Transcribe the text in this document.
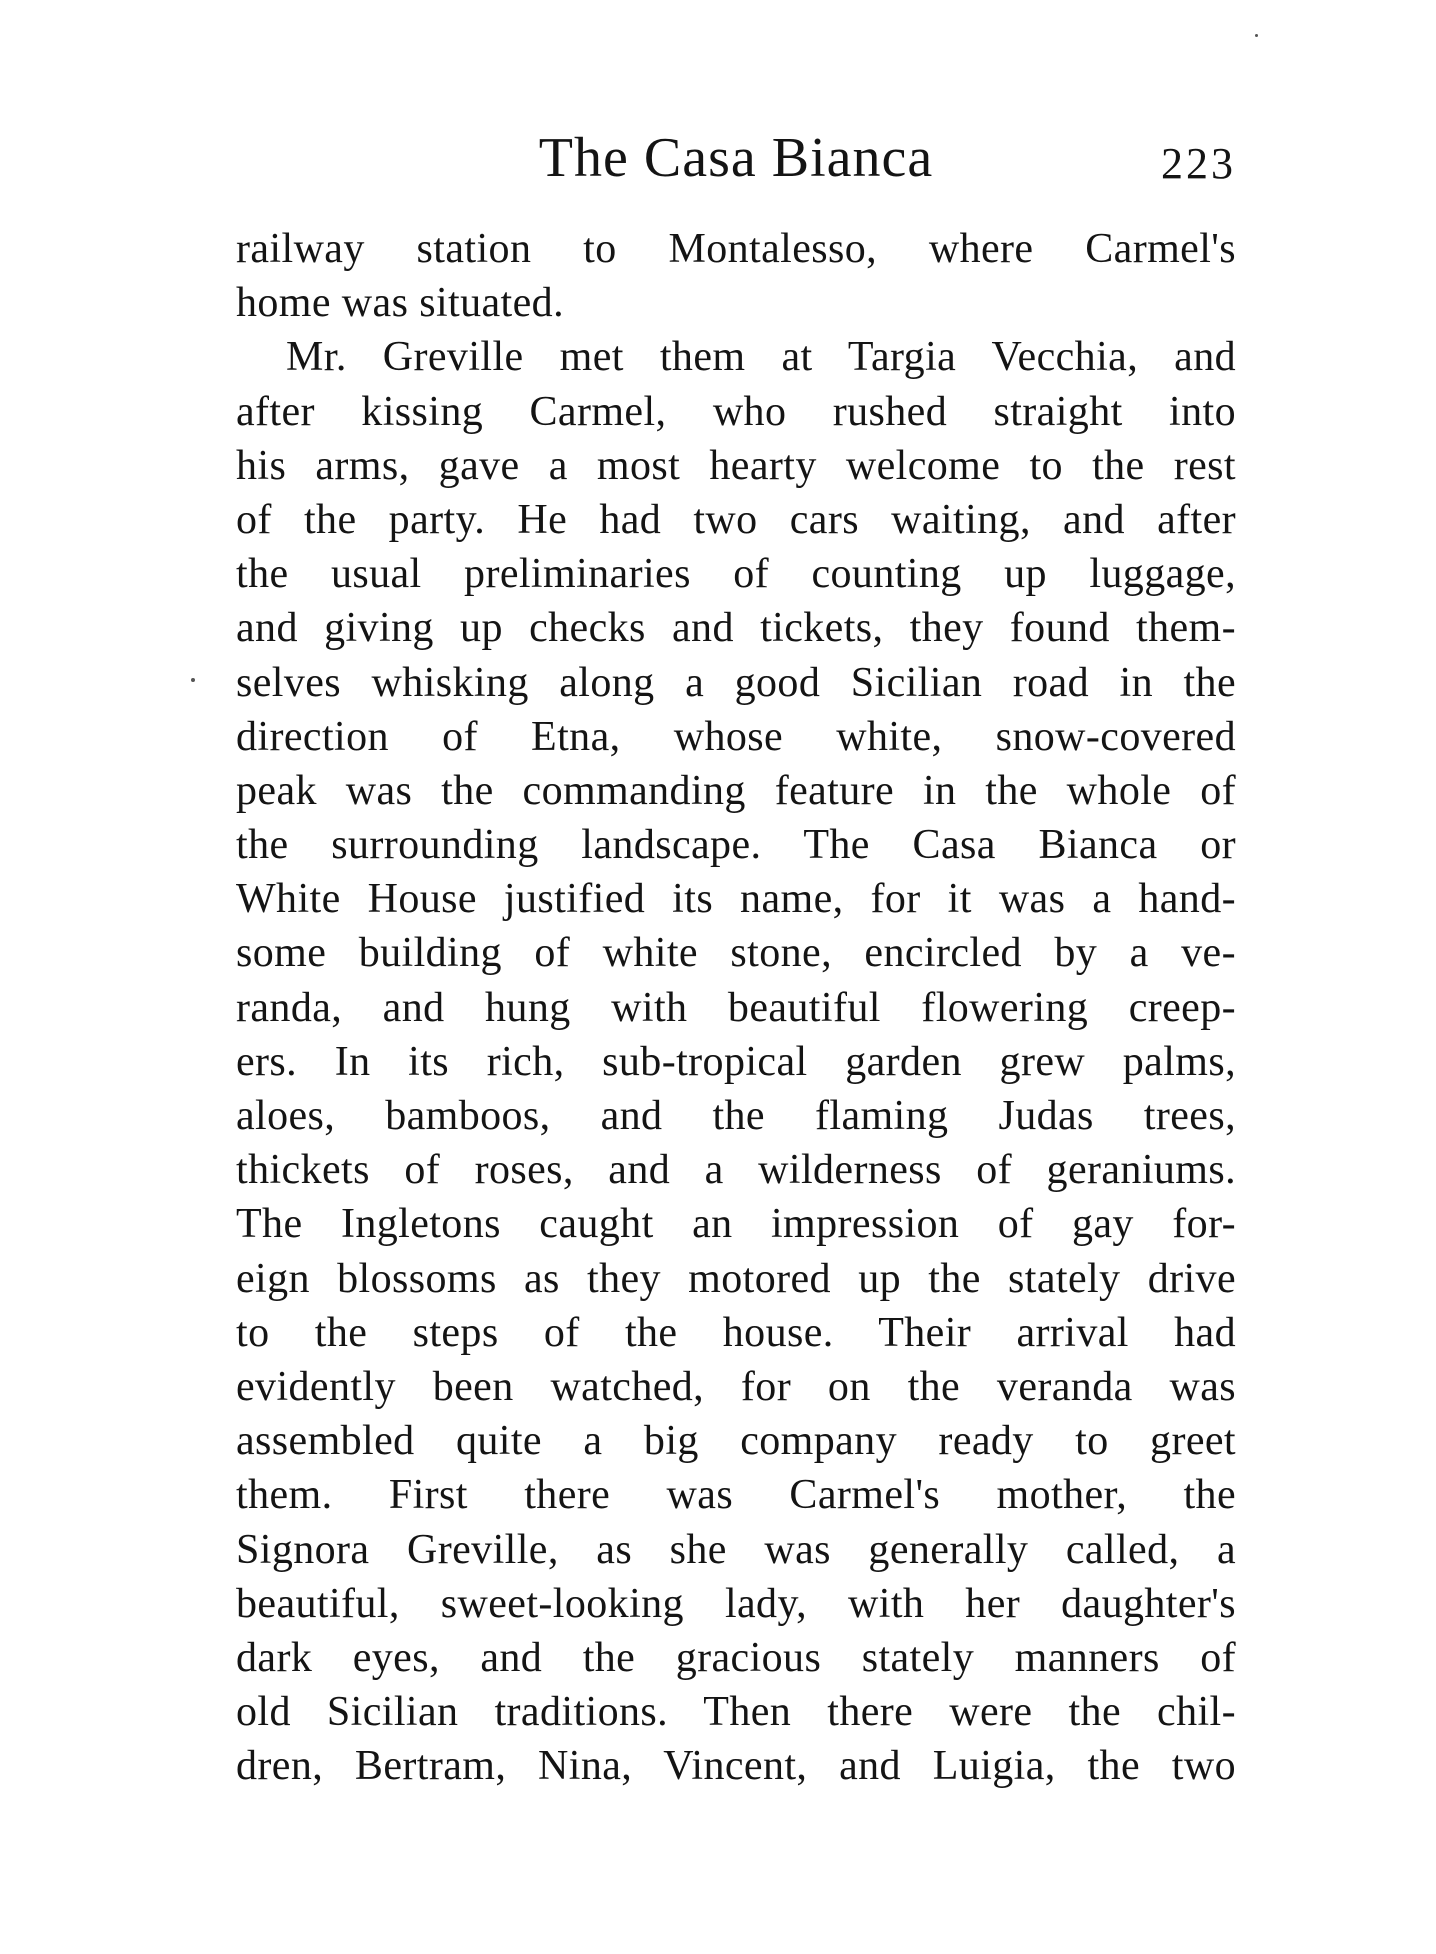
The Casa Bianca	223
railway station to Montalesso, where Carmel's
home was situated.
Mr. Greville met them at Targia Vecchia, and
after kissing Carmel, who rushed straight into
his arms, gave a most hearty welcome to the rest
of the party. He had two cars waiting, and after
the usual preliminaries of counting up luggage,
and giving up checks and tickets, they found them-
selves whisking along a good Sicilian road in the
direction of Etna, whose white, snow-covered
peak was the commanding feature in the whole of
the surrounding landscape. The Casa Bianca or
White House justified its name, for it was a hand-
some building of white stone, encircled by a ve-
randa, and hung with beautiful flowering creep-
ers. In its rich, sub-tropical garden grew palms,
aloes, bamboos, and the flaming Judas trees,
thickets of roses, and a wilderness of geraniums.
The Ingletons caught an impression of gay for-
eign blossoms as they motored up the stately drive
to the steps of the house. Their arrival had
evidently been watched, for on the veranda was
assembled quite a big company ready to greet
them. First there was Carmel's mother, the
Signora Greville, as she was generally called, a
beautiful, sweet-looking lady, with her daughter's
dark eyes, and the gracious stately manners of
old Sicilian traditions. Then there were the chil-
dren, Bertram, Nina, Vincent, and Luigia, the two
